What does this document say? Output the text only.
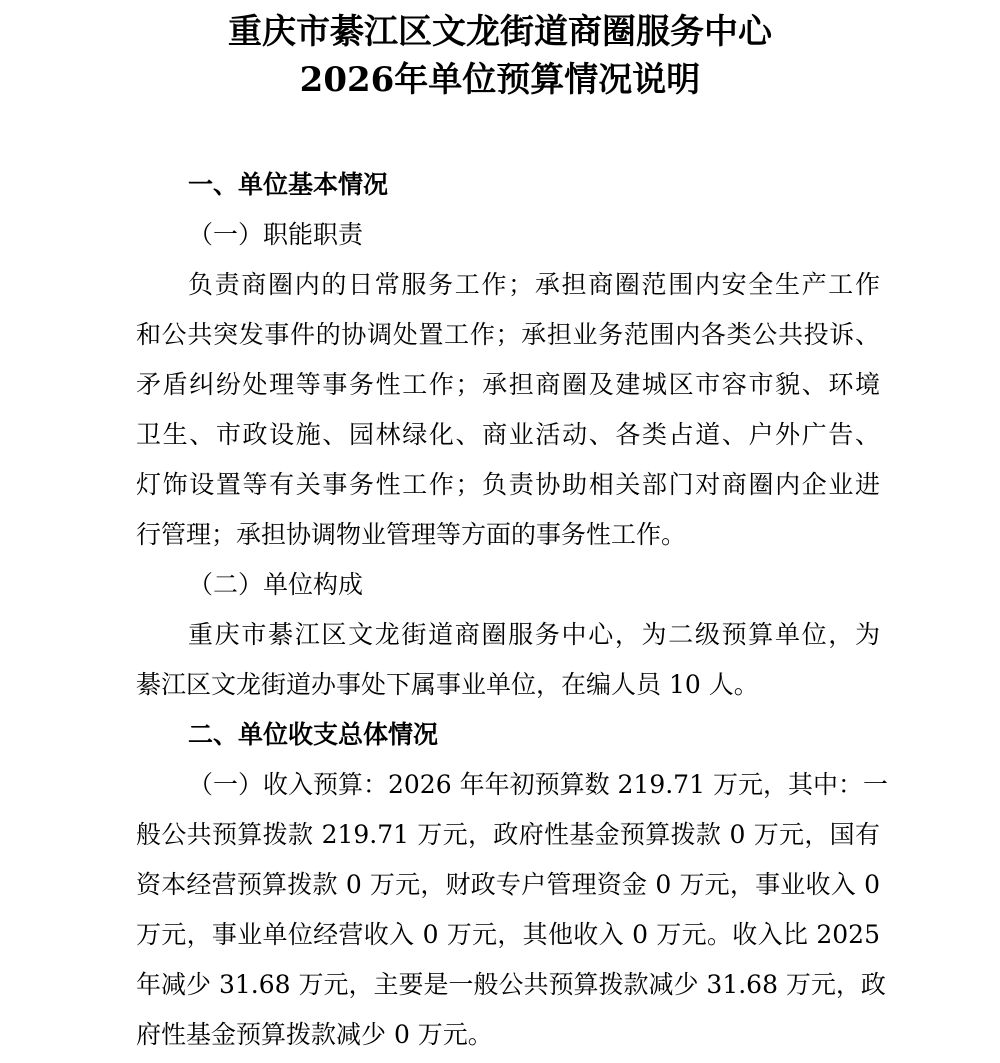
重庆市綦江区文龙街道商圈服务中心
2026年单位预算情况说明
一、单位基本情况
（一）职能职责
负责商圈内的日常服务工作；承担商圈范围内安全生产工作
和公共突发事件的协调处置工作；承担业务范围内各类公共投诉、
矛盾纠纷处理等事务性工作；承担商圈及建城区市容市貌、环境
卫生、市政设施、园林绿化、商业活动、各类占道、户外广告、
灯饰设置等有关事务性工作；负责协助相关部门对商圈内企业进
行管理；承担协调物业管理等方面的事务性工作。
（二）单位构成
重庆市綦江区文龙街道商圈服务中心，为二级预算单位，为
綦江区文龙街道办事处下属事业单位，在编人员 10 人。
二、单位收支总体情况
（一）收入预算：2026 年年初预算数 219.71 万元，其中：一
般公共预算拨款 219.71 万元，政府性基金预算拨款 0 万元，国有
资本经营预算拨款 0 万元，财政专户管理资金 0 万元，事业收入 0
万元，事业单位经营收入 0 万元，其他收入 0 万元。收入比 2025
年减少 31.68 万元，主要是一般公共预算拨款减少 31.68 万元，政
府性基金预算拨款减少 0 万元。
